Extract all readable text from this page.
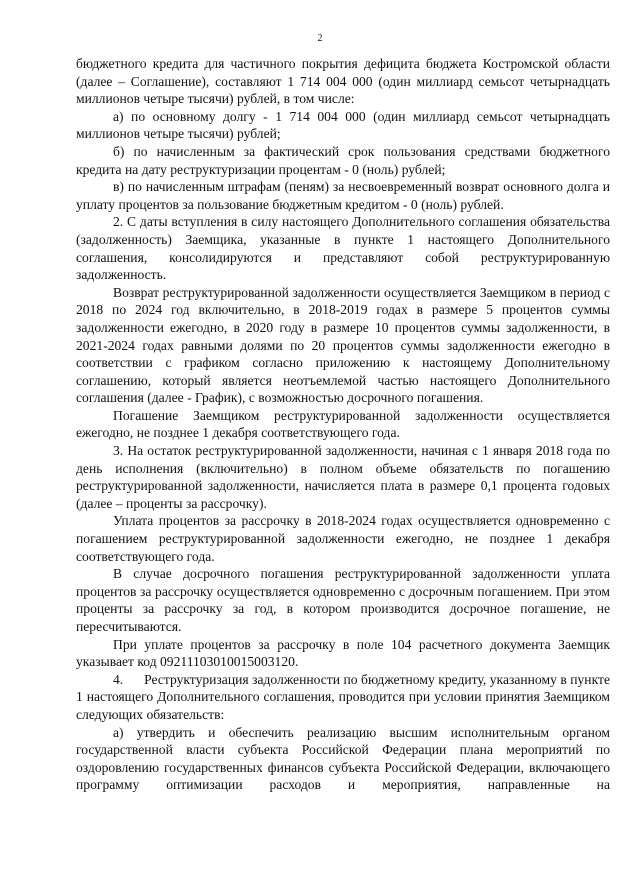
2

бюджетного кредита для частичного покрытия дефицита бюджета Костромской области (далее – Соглашение), составляют 1 714 004 000 (один миллиард семьсот четырнадцать миллионов четыре тысячи) рублей, в том числе:

а) по основному долгу - 1 714 004 000 (один миллиард семьсот четырнадцать миллионов четыре тысячи) рублей;

б) по начисленным за фактический срок пользования средствами бюджетного кредита на дату реструктуризации процентам - 0 (ноль) рублей;

в) по начисленным штрафам (пеням) за несвоевременный возврат основного долга и уплату процентов за пользование бюджетным кредитом - 0 (ноль) рублей.

2. С даты вступления в силу настоящего Дополнительного соглашения обязательства (задолженность) Заемщика, указанные в пункте 1 настоящего Дополнительного соглашения, консолидируются и представляют собой реструктурированную задолженность.

Возврат реструктурированной задолженности осуществляется Заемщиком в период с 2018 по 2024 год включительно, в 2018-2019 годах в размере 5 процентов суммы задолженности ежегодно, в 2020 году в размере 10 процентов суммы задолженности, в 2021-2024 годах равными долями по 20 процентов суммы задолженности ежегодно в соответствии с графиком согласно приложению к настоящему Дополнительному соглашению, который является неотъемлемой частью настоящего Дополнительного соглашения (далее - График), с возможностью досрочного погашения.

Погашение Заемщиком реструктурированной задолженности осуществляется ежегодно, не позднее 1 декабря соответствующего года.

3. На остаток реструктурированной задолженности, начиная с 1 января 2018 года по день исполнения (включительно) в полном объеме обязательств по погашению реструктурированной задолженности, начисляется плата в размере 0,1 процента годовых (далее – проценты за рассрочку).

Уплата процентов за рассрочку в 2018-2024 годах осуществляется одновременно с погашением реструктурированной задолженности ежегодно, не позднее 1 декабря соответствующего года.

В случае досрочного погашения реструктурированной задолженности уплата процентов за рассрочку осуществляется одновременно с досрочным погашением. При этом проценты за рассрочку за год, в котором производится досрочное погашение, не пересчитываются.

При уплате процентов за рассрочку в поле 104 расчетного документа Заемщик указывает код 09211103010015003120.

4.      Реструктуризация задолженности по бюджетному кредиту, указанному в пункте 1 настоящего Дополнительного соглашения, проводится при условии принятия Заемщиком следующих обязательств:

а) утвердить и обеспечить реализацию высшим исполнительным органом государственной власти субъекта Российской Федерации плана мероприятий по оздоровлению государственных финансов субъекта Российской Федерации, включающего программу оптимизации расходов и мероприятия, направленные на
